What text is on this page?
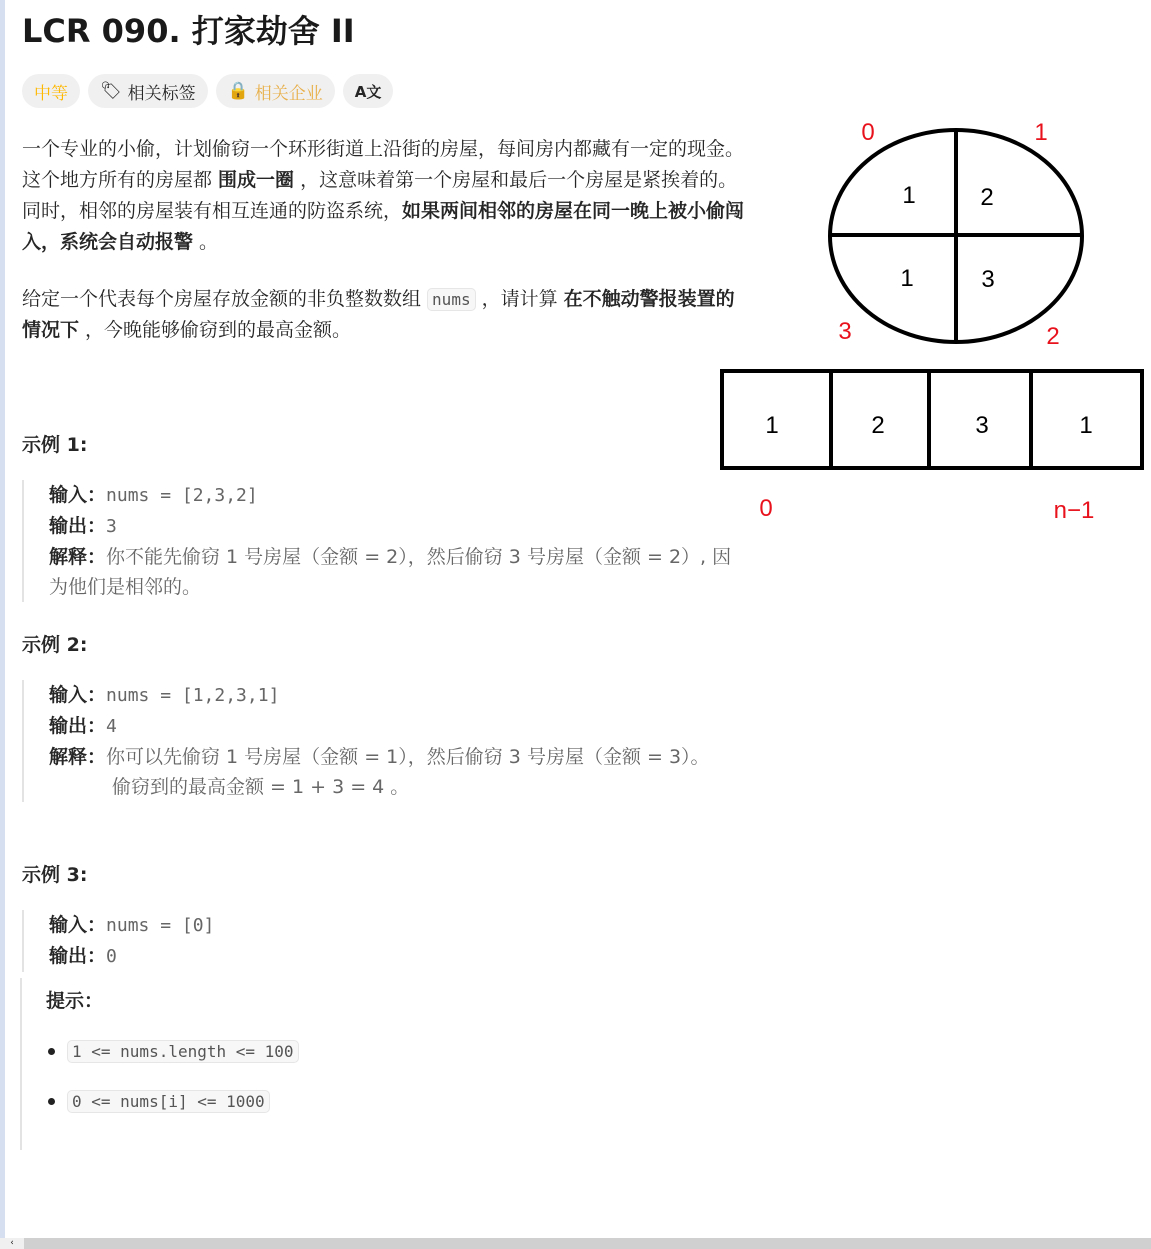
LCR 090. 打家劫舍 II
中等 🏷 相关标签 🔒 相关企业 A文
一个专业的小偷，计划偷窃一个环形街道上沿街的房屋，每间房内都藏有一定的现金。这个地方所有的房屋都 围成一圈 ，这意味着第一个房屋和最后一个房屋是紧挨着的。同时，相邻的房屋装有相互连通的防盗系统，如果两间相邻的房屋在同一晚上被小偷闯入，系统会自动报警 。
给定一个代表每个房屋存放金额的非负整数数组 nums ，请计算 在不触动警报装置的情况下 ，今晚能够偷窃到的最高金额。
示例 1:
输入：nums = [2,3,2]
输出：3
解释：你不能先偷窃 1 号房屋（金额 = 2），然后偷窃 3 号房屋（金额 = 2）, 因为他们是相邻的。
示例 2:
输入：nums = [1,2,3,1]
输出：4
解释：你可以先偷窃 1 号房屋（金额 = 1），然后偷窃 3 号房屋（金额 = 3）。
偷窃到的最高金额 = 1 + 3 = 4 。
示例 3:
输入：nums = [0]
输出：0
提示：
1 <= nums.length <= 100
0 <= nums[i] <= 1000
1	2
1	3
0	1
3	2
0	n−1
1	2	3	1
‹
